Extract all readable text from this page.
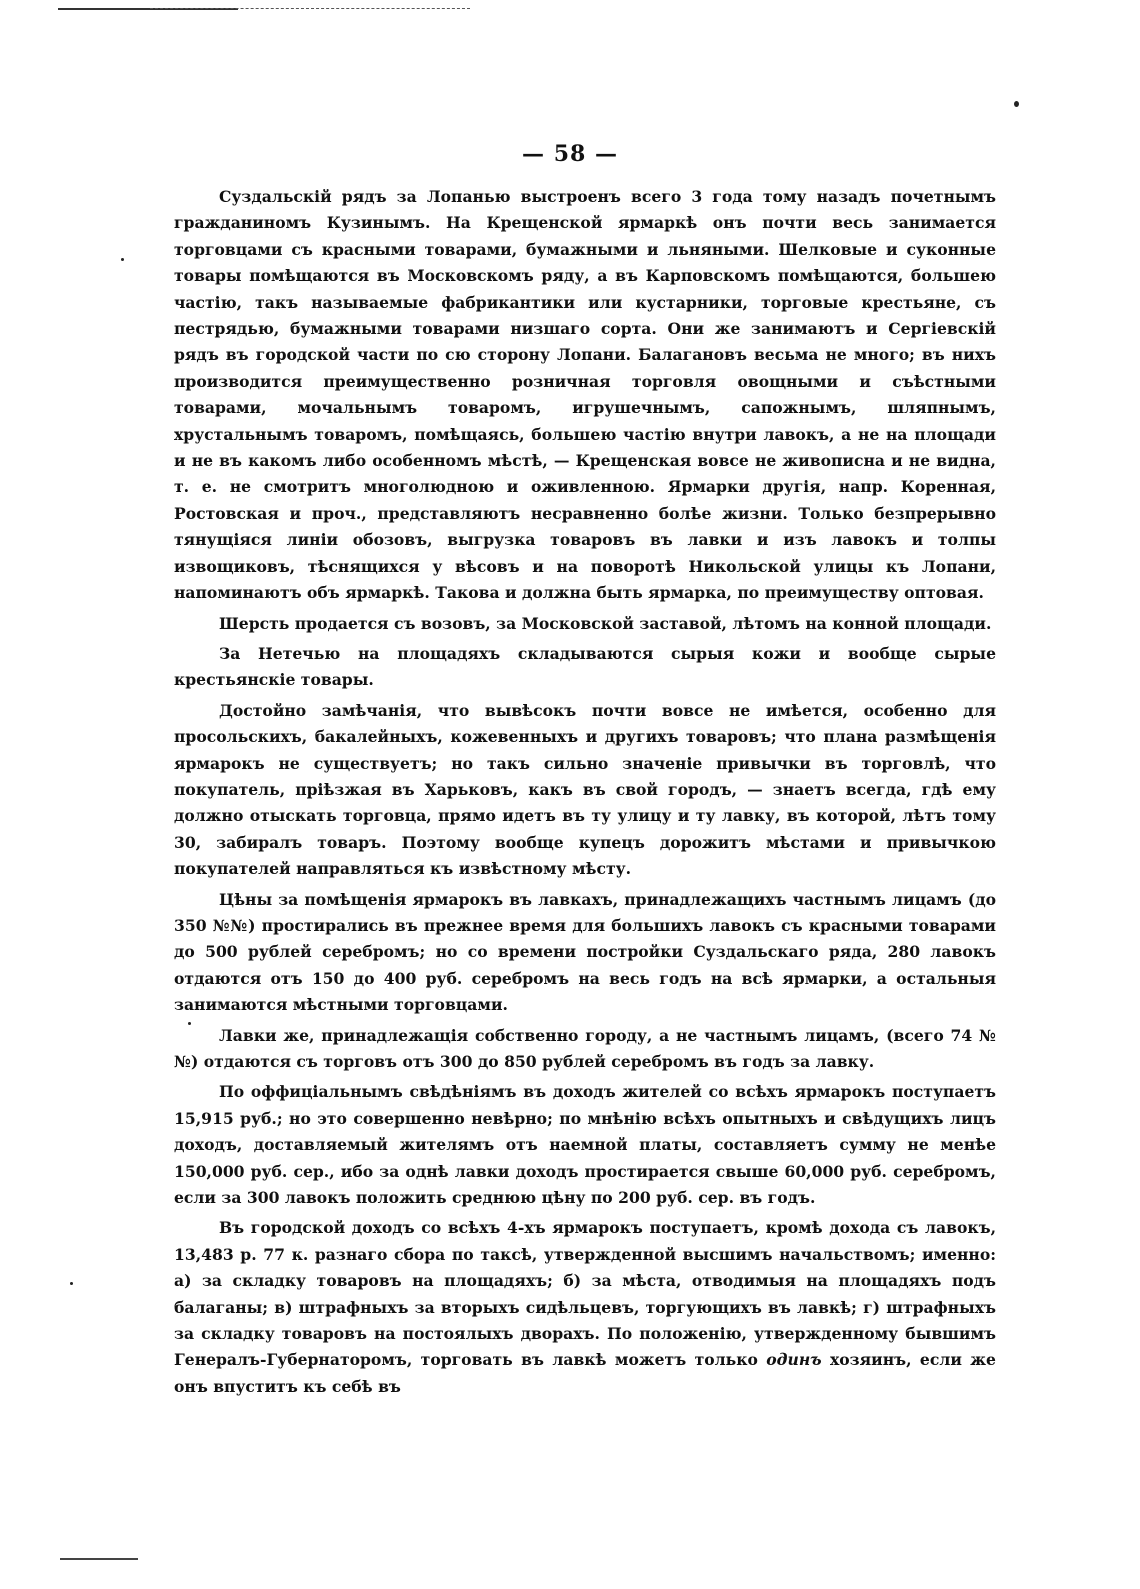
— 58 —

Суздальскій рядъ за Лопанью выстроенъ всего 3 года тому назадъ почетнымъ гражданиномъ Кузинымъ. На Крещенской ярмаркѣ онъ почти весь занимается торговцами съ красными товарами, бумажными и льняными. Шелковые и суконные товары помѣщаются въ Московскомъ ряду, а въ Карповскомъ помѣщаются, большею частію, такъ называемые фабрикантики или кустарники, торговые крестьяне, съ пестрядью, бумажными товарами низшаго сорта. Они же занимаютъ и Сергіевскій рядъ въ городской части по сю сторону Лопани. Балагановъ весьма не много; въ нихъ производится преимущественно розничная торговля овощными и съѣстными товарами, мочальнымъ товаромъ, игрушечнымъ, сапожнымъ, шляпнымъ, хрустальнымъ товаромъ, помѣщаясь, большею частію внутри лавокъ, а не на площади и не въ какомъ либо особенномъ мѣстѣ, — Крещенская вовсе не живописна и не видна, т. е. не смотритъ многолюдною и оживленною. Ярмарки другія, напр. Коренная, Ростовская и проч., представляютъ несравненно болѣе жизни. Только безпрерывно тянущіяся линіи обозовъ, выгрузка товаровъ въ лавки и изъ лавокъ и толпы извощиковъ, тѣснящихся у вѣсовъ и на поворотѣ Никольской улицы къ Лопани, напоминаютъ объ ярмаркѣ. Такова и должна быть ярмарка, по преимуществу оптовая.

Шерсть продается съ возовъ, за Московской заставой, лѣтомъ на конной площади.

За Нетечью на площадяхъ складываются сырыя кожи и вообще сырые крестьянскіе товары.

Достойно замѣчанія, что вывѣсокъ почти вовсе не имѣется, особенно для просольскихъ, бакалейныхъ, кожевенныхъ и другихъ товаровъ; что плана размѣщенія ярмарокъ не существуетъ; но такъ сильно значеніе привычки въ торговлѣ, что покупатель, пріѣзжая въ Харьковъ, какъ въ свой городъ, — знаетъ всегда, гдѣ ему должно отыскать торговца, прямо идетъ въ ту улицу и ту лавку, въ которой, лѣтъ тому 30, забиралъ товаръ. Поэтому вообще купецъ дорожитъ мѣстами и привычкою покупателей направляться къ извѣстному мѣсту.

Цѣны за помѣщенія ярмарокъ въ лавкахъ, принадлежащихъ частнымъ лицамъ (до 350 №№) простирались въ прежнее время для большихъ лавокъ съ красными товарами до 500 рублей серебромъ; но со времени постройки Суздальскаго ряда, 280 лавокъ отдаются отъ 150 до 400 руб. серебромъ на весь годъ на всѣ ярмарки, а остальныя занимаются мѣстными торговцами.

Лавки же, принадлежащія собственно городу, а не частнымъ лицамъ, (всего 74 №№) отдаются съ торговъ отъ 300 до 850 рублей серебромъ въ годъ за лавку.

По оффиціальнымъ свѣдѣніямъ въ доходъ жителей со всѣхъ ярмарокъ поступаетъ 15,915 руб.; но это совершенно невѣрно; по мнѣнію всѣхъ опытныхъ и свѣдущихъ лицъ доходъ, доставляемый жителямъ отъ наемной платы, составляетъ сумму не менѣе 150,000 руб. сер., ибо за однѣ лавки доходъ простирается свыше 60,000 руб. серебромъ, если за 300 лавокъ положить среднюю цѣну по 200 руб. сер. въ годъ.

Въ городской доходъ со всѣхъ 4-хъ ярмарокъ поступаетъ, кромѣ дохода съ лавокъ, 13,483 р. 77 к. разнаго сбора по таксѣ, утвержденной высшимъ начальствомъ; именно: а) за складку товаровъ на площадяхъ; б) за мѣста, отводимыя на площадяхъ подъ балаганы; в) штрафныхъ за вторыхъ сидѣльцевъ, торгующихъ въ лавкѣ; г) штрафныхъ за складку товаровъ на постоялыхъ дворахъ. По положенію, утвержденному бывшимъ Генералъ-Губернаторомъ, торговать въ лавкѣ можетъ только одинъ хозяинъ, если же онъ впуститъ къ себѣ въ
